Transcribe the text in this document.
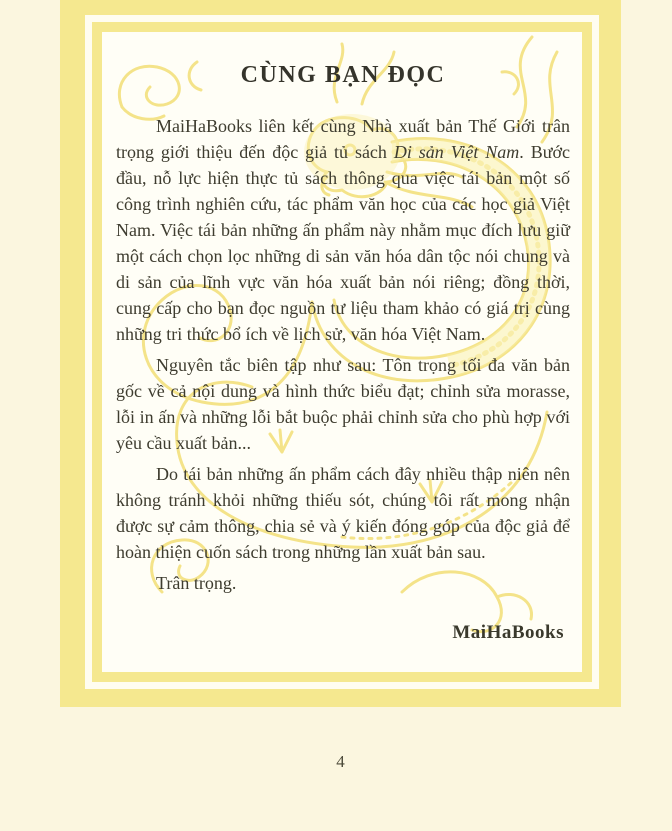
CÙNG BẠN ĐỌC

MaiHaBooks liên kết cùng Nhà xuất bản Thế Giới trân trọng giới thiệu đến độc giả tủ sách Di sản Việt Nam. Bước đầu, nỗ lực hiện thực tủ sách thông qua việc tái bản một số công trình nghiên cứu, tác phẩm văn học của các học giả Việt Nam. Việc tái bản những ấn phẩm này nhằm mục đích lưu giữ một cách chọn lọc những di sản văn hóa dân tộc nói chung và di sản của lĩnh vực văn hóa xuất bản nói riêng; đồng thời, cung cấp cho bạn đọc nguồn tư liệu tham khảo có giá trị cùng những tri thức bổ ích về lịch sử, văn hóa Việt Nam.

Nguyên tắc biên tập như sau: Tôn trọng tối đa văn bản gốc về cả nội dung và hình thức biểu đạt; chỉnh sửa morasse, lỗi in ấn và những lỗi bắt buộc phải chỉnh sửa cho phù hợp với yêu cầu xuất bản...

Do tái bản những ấn phẩm cách đây nhiều thập niên nên không tránh khỏi những thiếu sót, chúng tôi rất mong nhận được sự cảm thông, chia sẻ và ý kiến đóng góp của độc giả để hoàn thiện cuốn sách trong những lần xuất bản sau.

Trân trọng.

MaiHaBooks
4
